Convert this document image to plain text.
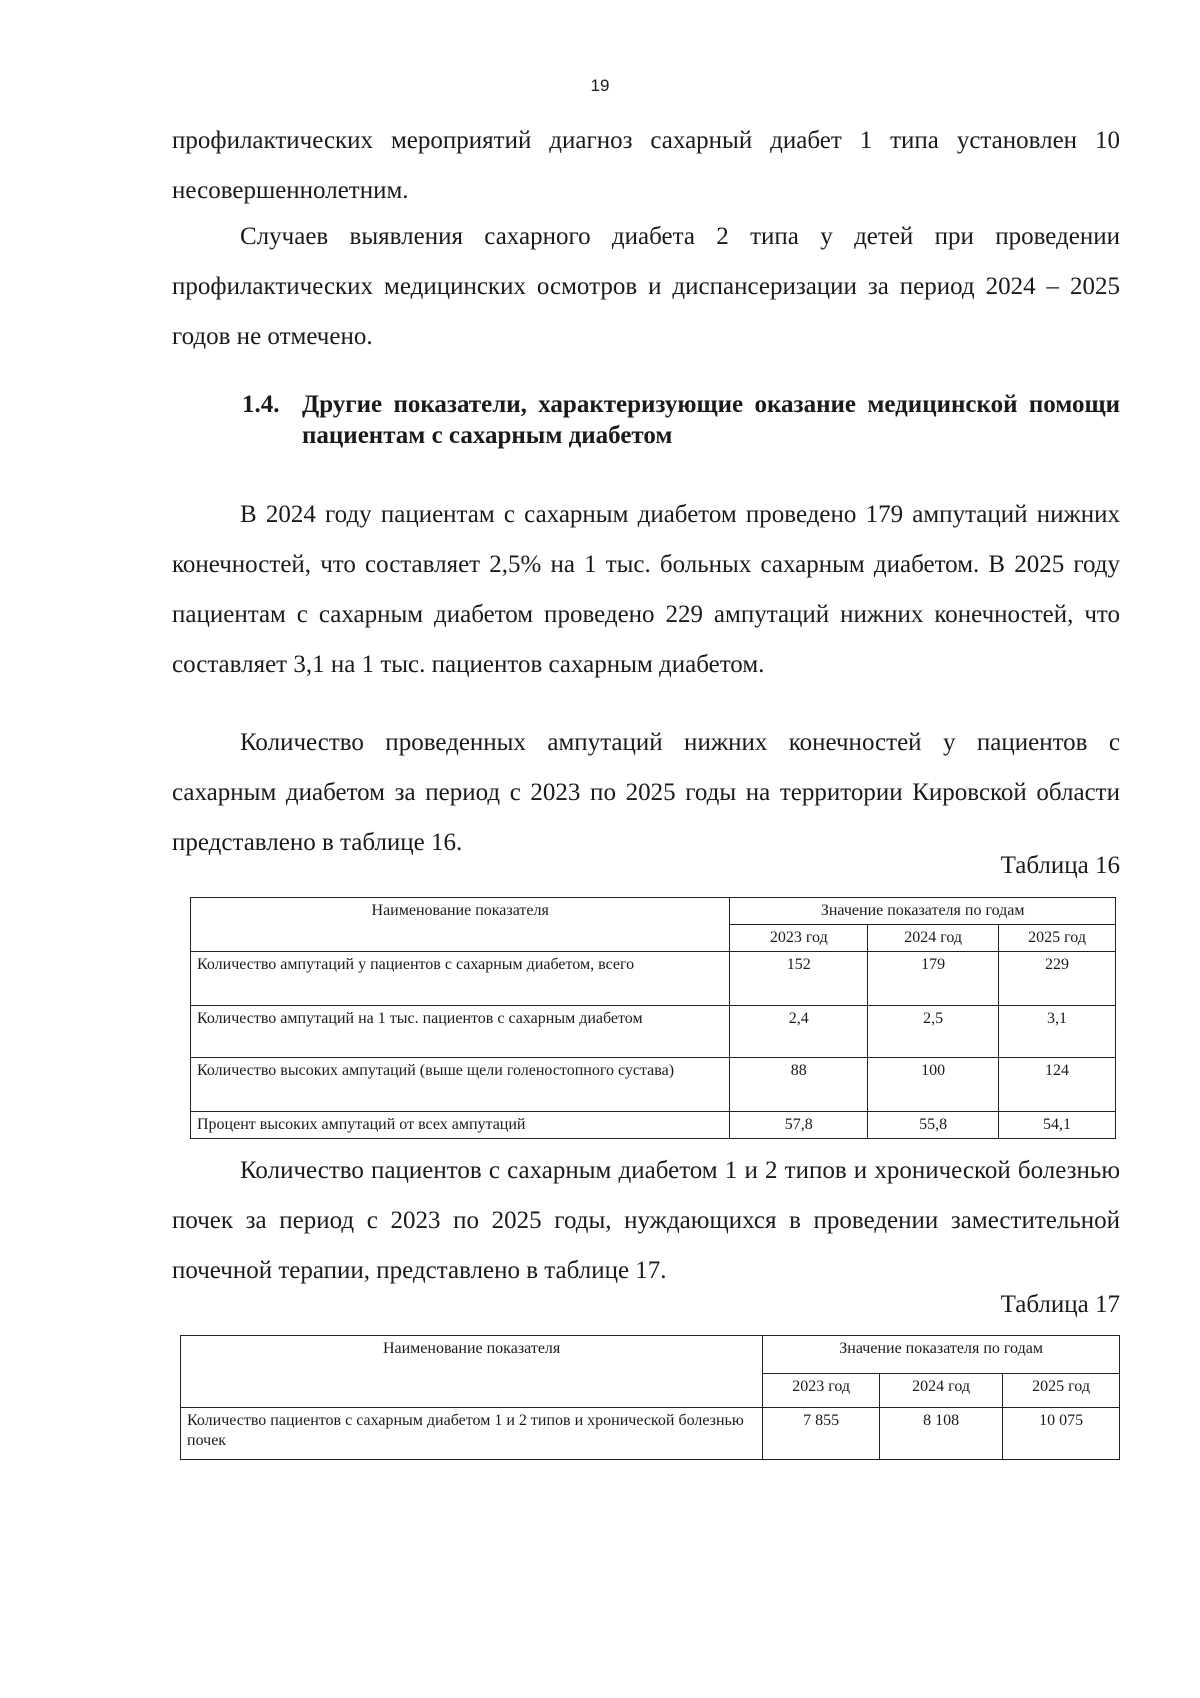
19

профилактических мероприятий диагноз сахарный диабет 1 типа установлен 10 несовершеннолетним.

Случаев выявления сахарного диабета 2 типа у детей при проведении профилактических медицинских осмотров и диспансеризации за период 2024 – 2025 годов не отмечено.

1.4. Другие показатели, характеризующие оказание медицинской помощи пациентам с сахарным диабетом

В 2024 году пациентам с сахарным диабетом проведено 179 ампутаций нижних конечностей, что составляет 2,5% на 1 тыс. больных сахарным диабетом. В 2025 году пациентам с сахарным диабетом проведено 229 ампутаций нижних конечностей, что составляет 3,1 на 1 тыс. пациентов сахарным диабетом.

Количество проведенных ампутаций нижних конечностей у пациентов с сахарным диабетом за период с 2023 по 2025 годы на территории Кировской области представлено в таблице 16.

Таблица 16
Наименование показателя	Значение показателя по годам		
	2023 год	2024 год	2025 год
Количество ампутаций у пациентов с сахарным диабетом, всего	152	179	229
Количество ампутаций на 1 тыс. пациентов с сахарным диабетом	2,4	2,5	3,1
Количество высоких ампутаций (выше щели голеностопного сустава)	88	100	124
Процент высоких ампутаций от всех ампутаций	57,8	55,8	54,1

Количество пациентов с сахарным диабетом 1 и 2 типов и хронической болезнью почек за период с 2023 по 2025 годы, нуждающихся в проведении заместительной почечной терапии, представлено в таблице 17.

Таблица 17
Наименование показателя	Значение показателя по годам		
	2023 год	2024 год	2025 год
Количество пациентов с сахарным диабетом 1 и 2 типов и хронической болезнью почек	7 855	8 108	10 075
